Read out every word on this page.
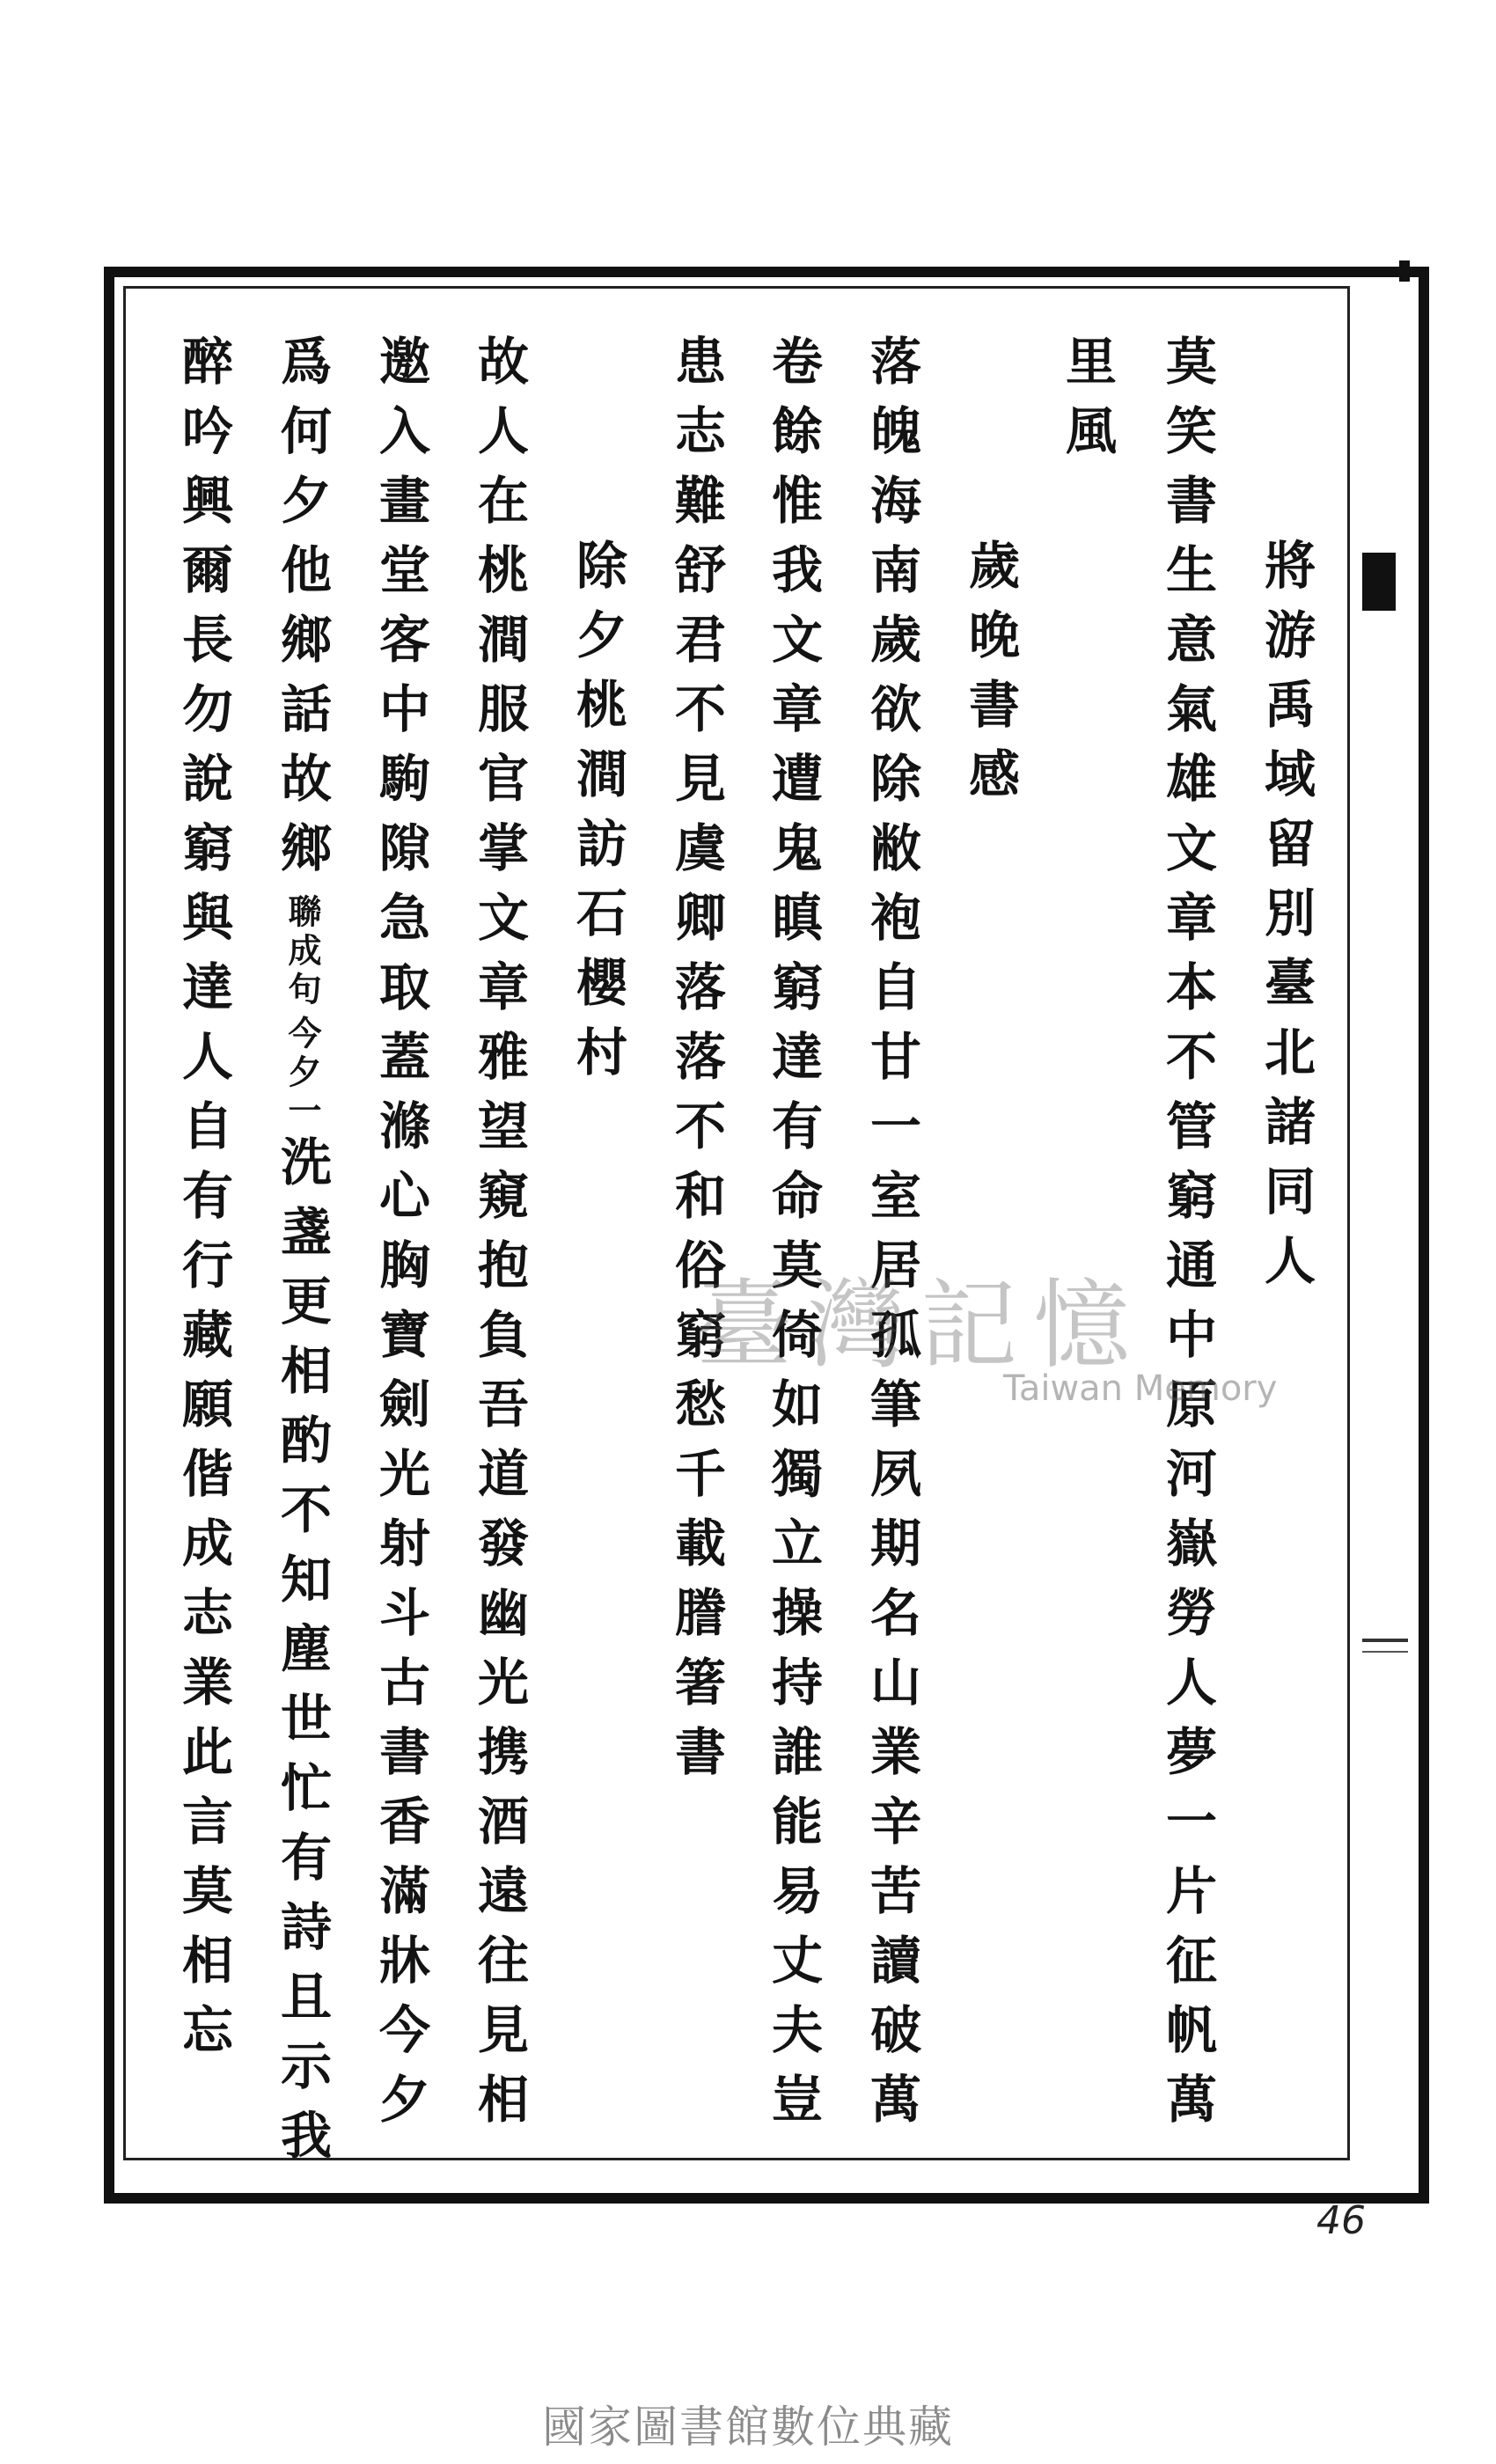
將游禹域留別臺北諸同人
莫笑書生意氣雄文章本不管窮通中原河嶽勞人夢一片征帆萬
里風
歲晚書感
落魄海南歲欲除敝袍自甘一室居孤筆夙期名山業辛苦讀破萬
卷餘惟我文章遭鬼瞋窮達有命莫倚如獨立操持誰能易丈夫豈
患志難舒君不見虞卿落落不和俗窮愁千載謄箸書
除夕桃澗訪石櫻村
故人在桃澗服官掌文章雅望窺抱負吾道發幽光携酒遠往見相
邀入畫堂客中駒隙急取蓋滌心胸寶劍光射斗古書香滿牀今夕
爲何夕他鄉話故鄉
今夕一
聯成句
洗盞更相酌不知塵世忙有詩且示我
醉吟興爾長勿說窮與達人自有行藏願偕成志業此言莫相忘
46
臺灣記憶
Taiwan Memory
國家圖書館數位典藏
